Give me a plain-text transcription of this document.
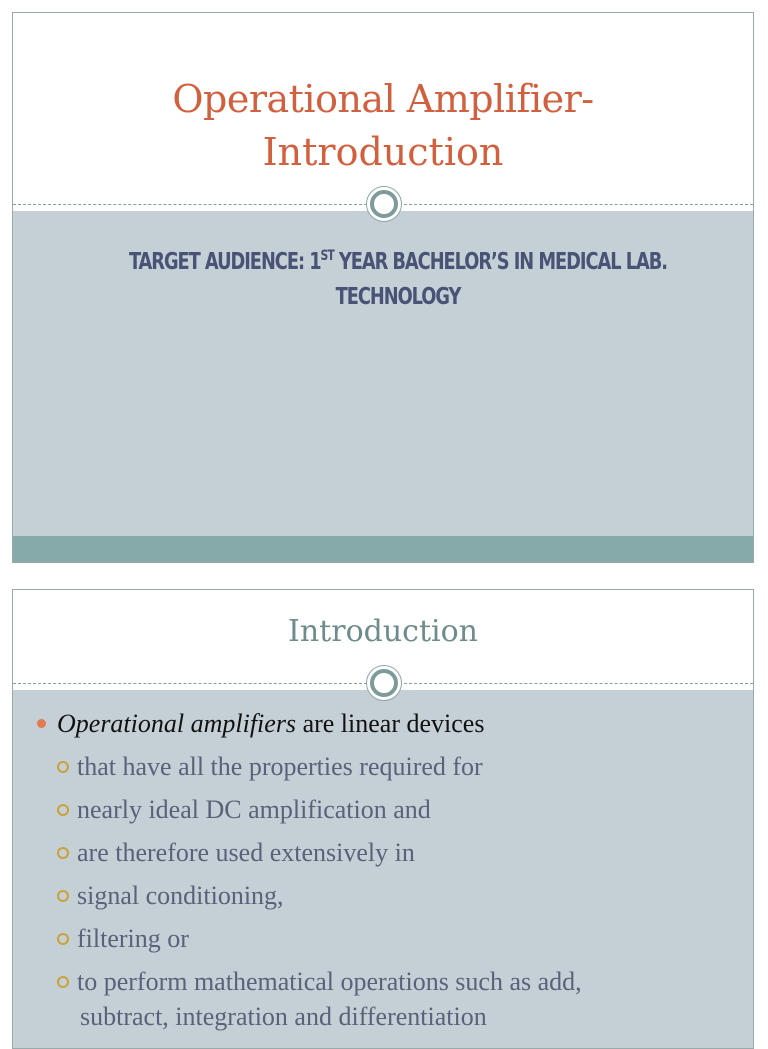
Operational Amplifier-
Introduction
TARGET AUDIENCE: 1ST YEAR BACHELOR’S IN MEDICAL LAB. TECHNOLOGY
Introduction
Operational amplifiers are linear devices
that have all the properties required for
nearly ideal DC amplification and
are therefore used extensively in
signal conditioning,
filtering or
to perform mathematical operations such as add,
subtract, integration and differentiation
